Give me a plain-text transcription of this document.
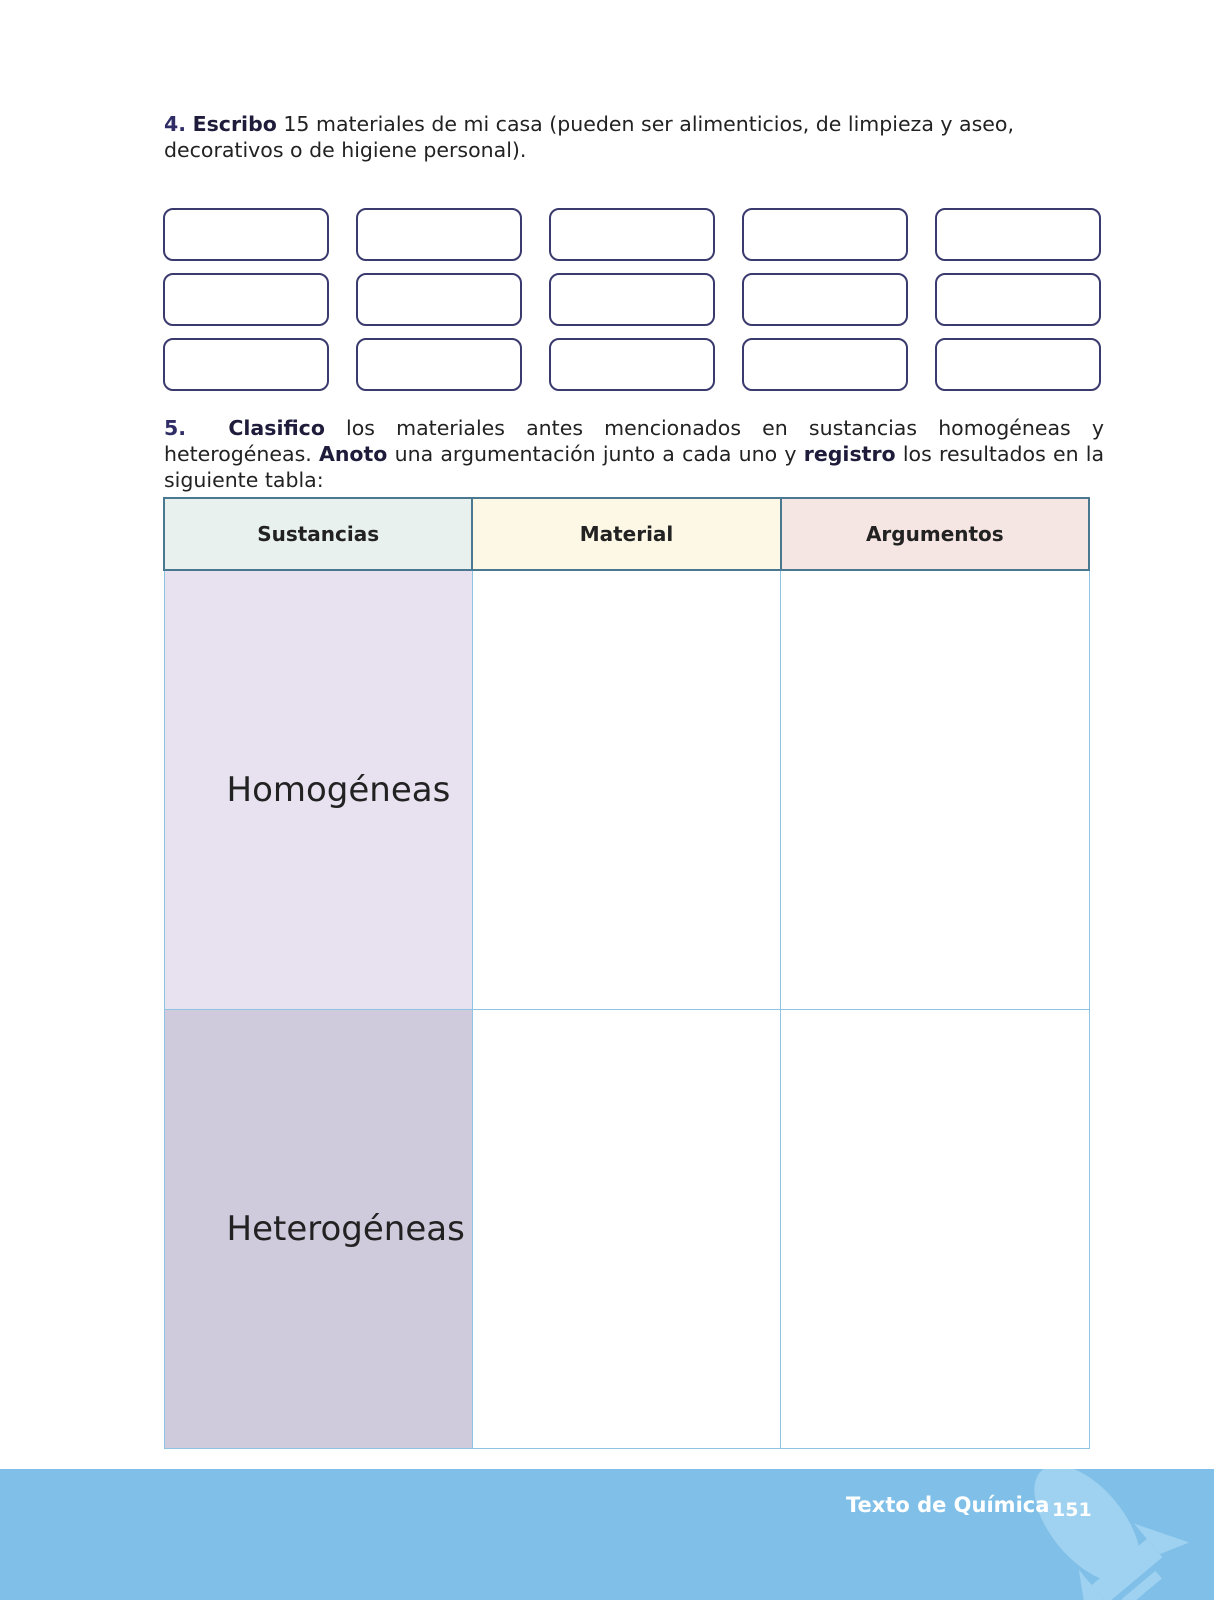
4. Escribo 15 materiales de mi casa (pueden ser alimenticios, de limpieza y aseo, decorativos o de higiene personal).

5. Clasifico los materiales antes mencionados en sustancias homogéneas y heterogéneas. Anoto una argumentación junto a cada uno y registro los resultados en la siguiente tabla:

Sustancias	Material	Argumentos
Homogéneas		
Heterogéneas		
Texto de Química 151
